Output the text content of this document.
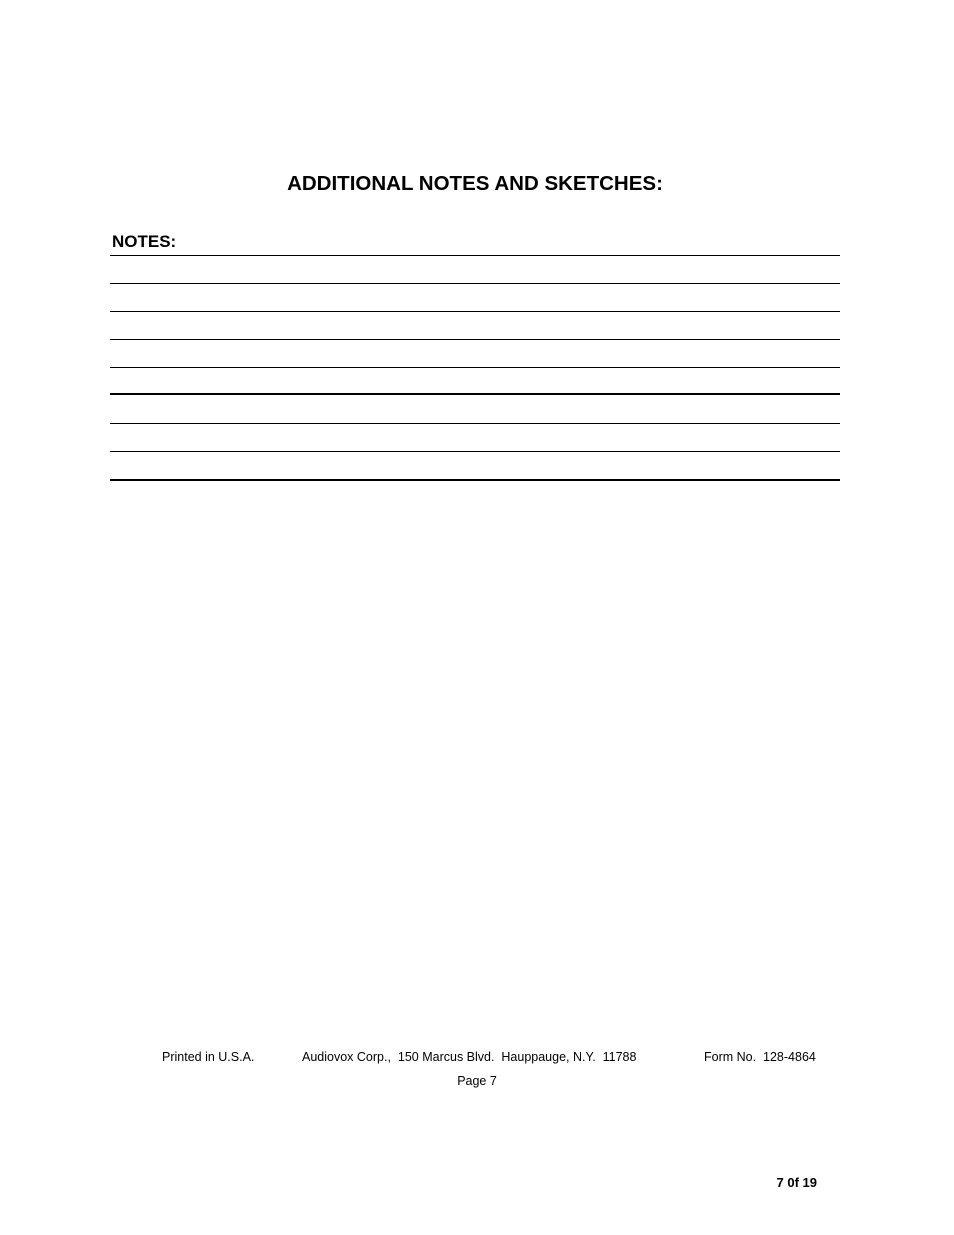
ADDITIONAL NOTES AND SKETCHES:
NOTES:
Printed in U.S.A.	Audiovox Corp.,  150 Marcus Blvd.  Hauppauge, N.Y.  11788	Form No.  128-4864
Page 7
7 0f 19
